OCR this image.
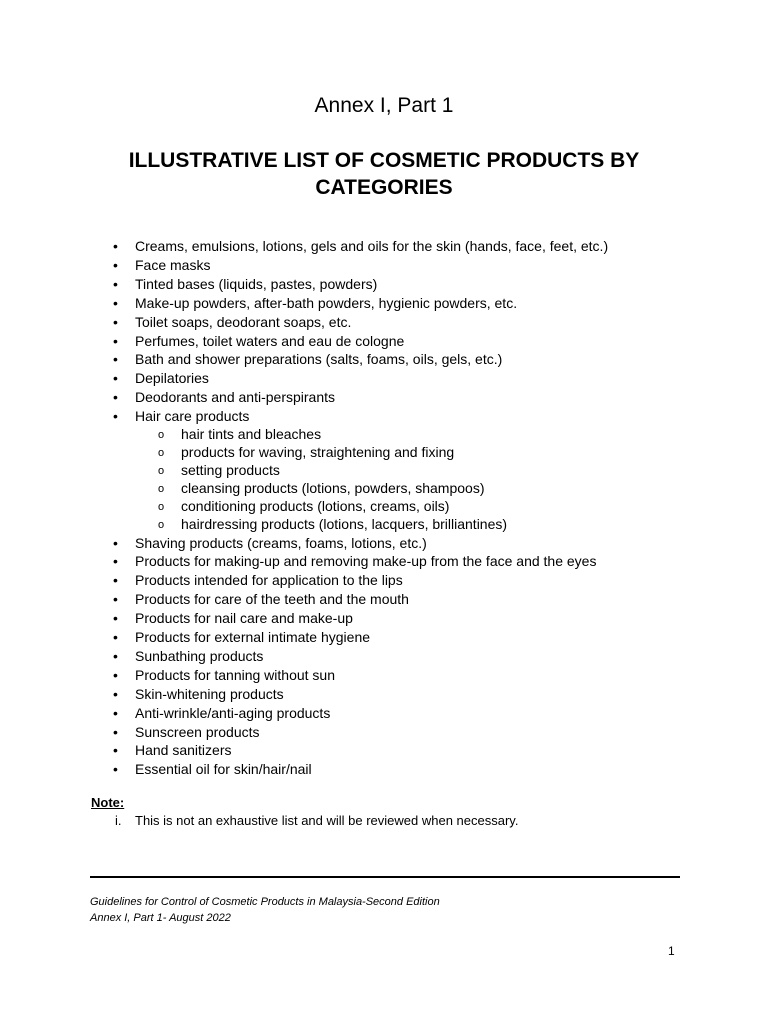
Annex I, Part 1
ILLUSTRATIVE LIST OF COSMETIC PRODUCTS BY CATEGORIES
• Creams, emulsions, lotions, gels and oils for the skin (hands, face, feet, etc.)
• Face masks
• Tinted bases (liquids, pastes, powders)
• Make-up powders, after-bath powders, hygienic powders, etc.
• Toilet soaps, deodorant soaps, etc.
• Perfumes, toilet waters and eau de cologne
• Bath and shower preparations (salts, foams, oils, gels, etc.)
• Depilatories
• Deodorants and anti-perspirants
• Hair care products
o hair tints and bleaches
o products for waving, straightening and fixing
o setting products
o cleansing products (lotions, powders, shampoos)
o conditioning products (lotions, creams, oils)
o hairdressing products (lotions, lacquers, brilliantines)
• Shaving products (creams, foams, lotions, etc.)
• Products for making-up and removing make-up from the face and the eyes
• Products intended for application to the lips
• Products for care of the teeth and the mouth
• Products for nail care and make-up
• Products for external intimate hygiene
• Sunbathing products
• Products for tanning without sun
• Skin-whitening products
• Anti-wrinkle/anti-aging products
• Sunscreen products
• Hand sanitizers
• Essential oil for skin/hair/nail

Note:

i. This is not an exhaustive list and will be reviewed when necessary.

Guidelines for Control of Cosmetic Products in Malaysia-Second Edition

Annex I, Part 1- August 2022

1
